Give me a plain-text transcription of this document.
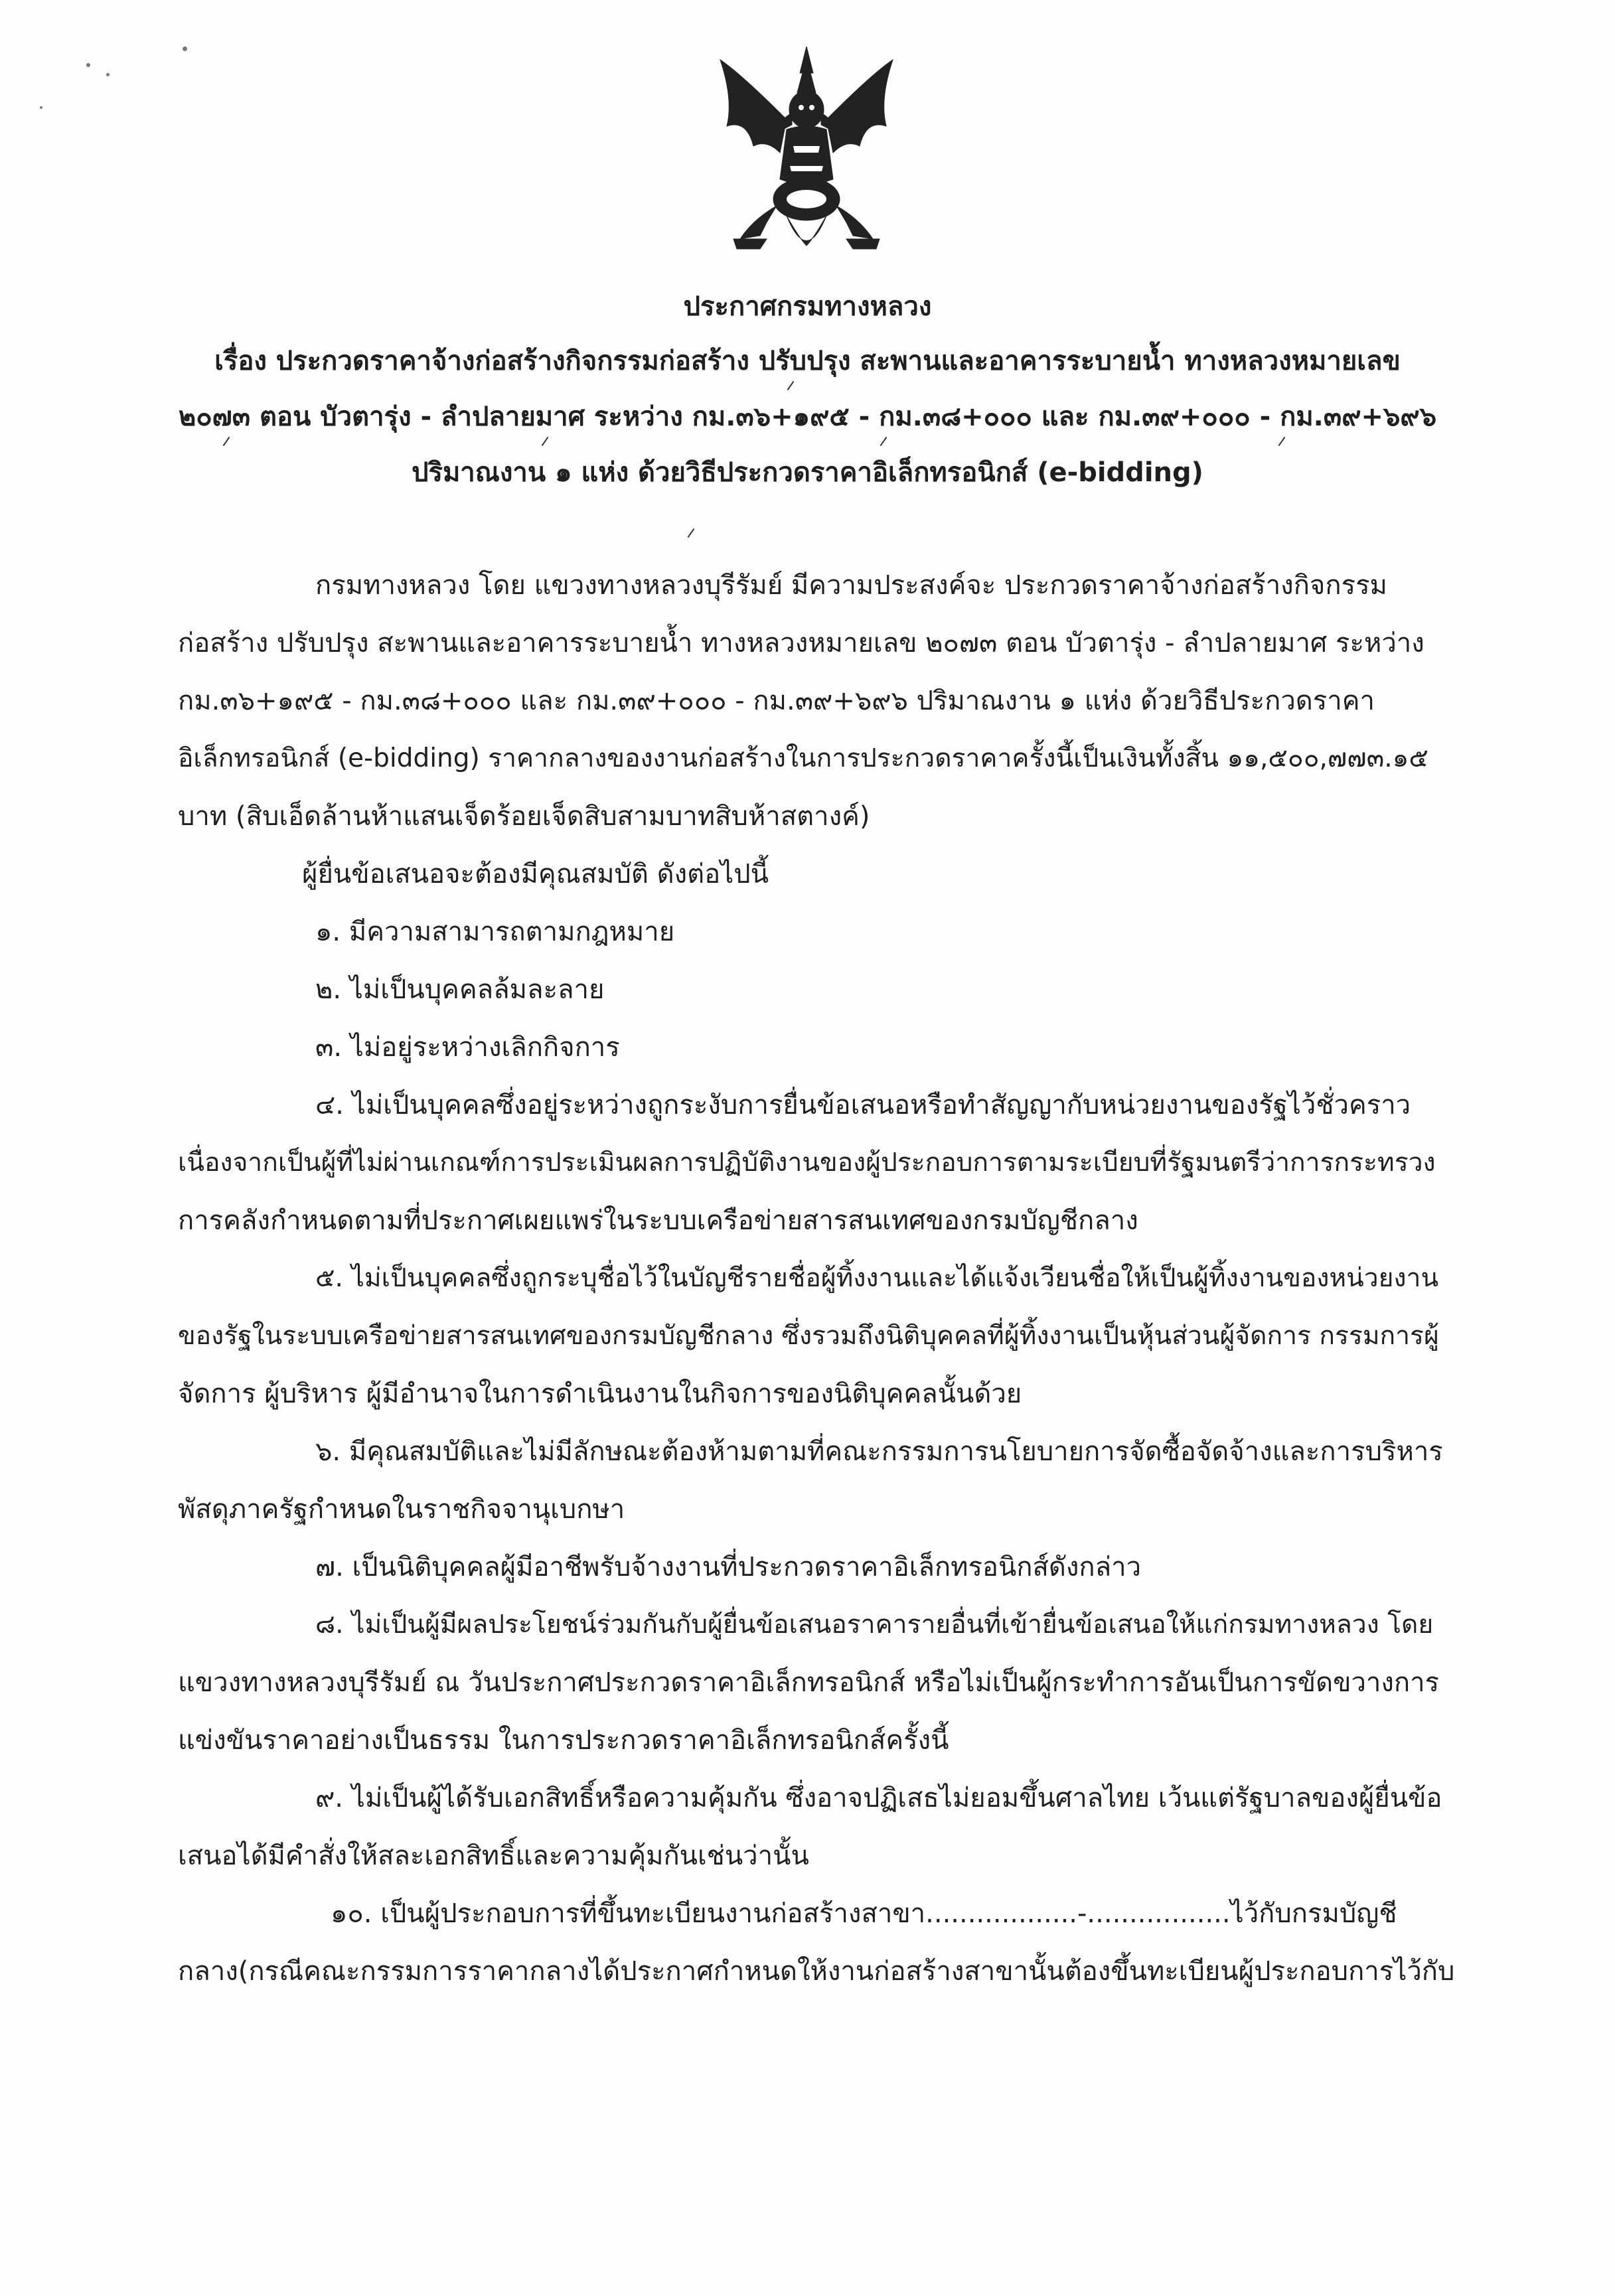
ประกาศกรมทางหลวง
เรื่อง ประกวดราคาจ้างก่อสร้างกิจกรรมก่อสร้าง ปรับปรุง สะพานและอาคารระบายน้ำ ทางหลวงหมายเลข
๒๐๗๓ ตอน บัวตารุ่ง - ลำปลายมาศ ระหว่าง กม.๓๖+๑๙๕ - กม.๓๘+๐๐๐ และ กม.๓๙+๐๐๐ - กม.๓๙+๖๙๖
ปริมาณงาน ๑ แห่ง ด้วยวิธีประกวดราคาอิเล็กทรอนิกส์ (e-bidding)
กรมทางหลวง โดย แขวงทางหลวงบุรีรัมย์ มีความประสงค์จะ ประกวดราคาจ้างก่อสร้างกิจกรรม
ก่อสร้าง ปรับปรุง สะพานและอาคารระบายน้ำ ทางหลวงหมายเลข ๒๐๗๓ ตอน บัวตารุ่ง - ลำปลายมาศ ระหว่าง
กม.๓๖+๑๙๕ - กม.๓๘+๐๐๐ และ กม.๓๙+๐๐๐ - กม.๓๙+๖๙๖ ปริมาณงาน ๑ แห่ง ด้วยวิธีประกวดราคา
อิเล็กทรอนิกส์ (e-bidding) ราคากลางของงานก่อสร้างในการประกวดราคาครั้งนี้เป็นเงินทั้งสิ้น ๑๑,๕๐๐,๗๗๓.๑๕
บาท (สิบเอ็ดล้านห้าแสนเจ็ดร้อยเจ็ดสิบสามบาทสิบห้าสตางค์)
ผู้ยื่นข้อเสนอจะต้องมีคุณสมบัติ ดังต่อไปนี้
๑. มีความสามารถตามกฎหมาย
๒. ไม่เป็นบุคคลล้มละลาย
๓. ไม่อยู่ระหว่างเลิกกิจการ
๔. ไม่เป็นบุคคลซึ่งอยู่ระหว่างถูกระงับการยื่นข้อเสนอหรือทำสัญญากับหน่วยงานของรัฐไว้ชั่วคราว
เนื่องจากเป็นผู้ที่ไม่ผ่านเกณฑ์การประเมินผลการปฏิบัติงานของผู้ประกอบการตามระเบียบที่รัฐมนตรีว่าการกระทรวง
การคลังกำหนดตามที่ประกาศเผยแพร่ในระบบเครือข่ายสารสนเทศของกรมบัญชีกลาง
๕. ไม่เป็นบุคคลซึ่งถูกระบุชื่อไว้ในบัญชีรายชื่อผู้ทิ้งงานและได้แจ้งเวียนชื่อให้เป็นผู้ทิ้งงานของหน่วยงาน
ของรัฐในระบบเครือข่ายสารสนเทศของกรมบัญชีกลาง ซึ่งรวมถึงนิติบุคคลที่ผู้ทิ้งงานเป็นหุ้นส่วนผู้จัดการ กรรมการผู้
จัดการ ผู้บริหาร ผู้มีอำนาจในการดำเนินงานในกิจการของนิติบุคคลนั้นด้วย
๖. มีคุณสมบัติและไม่มีลักษณะต้องห้ามตามที่คณะกรรมการนโยบายการจัดซื้อจัดจ้างและการบริหาร
พัสดุภาครัฐกำหนดในราชกิจจานุเบกษา
๗. เป็นนิติบุคคลผู้มีอาชีพรับจ้างงานที่ประกวดราคาอิเล็กทรอนิกส์ดังกล่าว
๘. ไม่เป็นผู้มีผลประโยชน์ร่วมกันกับผู้ยื่นข้อเสนอราคารายอื่นที่เข้ายื่นข้อเสนอให้แก่กรมทางหลวง โดย
แขวงทางหลวงบุรีรัมย์ ณ วันประกาศประกวดราคาอิเล็กทรอนิกส์ หรือไม่เป็นผู้กระทำการอันเป็นการขัดขวางการ
แข่งขันราคาอย่างเป็นธรรม ในการประกวดราคาอิเล็กทรอนิกส์ครั้งนี้
๙. ไม่เป็นผู้ได้รับเอกสิทธิ์หรือความคุ้มกัน ซึ่งอาจปฏิเสธไม่ยอมขึ้นศาลไทย เว้นแต่รัฐบาลของผู้ยื่นข้อ
เสนอได้มีคำสั่งให้สละเอกสิทธิ์และความคุ้มกันเช่นว่านั้น
๑๐. เป็นผู้ประกอบการที่ขึ้นทะเบียนงานก่อสร้างสาขา..................-.................ไว้กับกรมบัญชี
กลาง(กรณีคณะกรรมการราคากลางได้ประกาศกำหนดให้งานก่อสร้างสาขานั้นต้องขึ้นทะเบียนผู้ประกอบการไว้กับ
